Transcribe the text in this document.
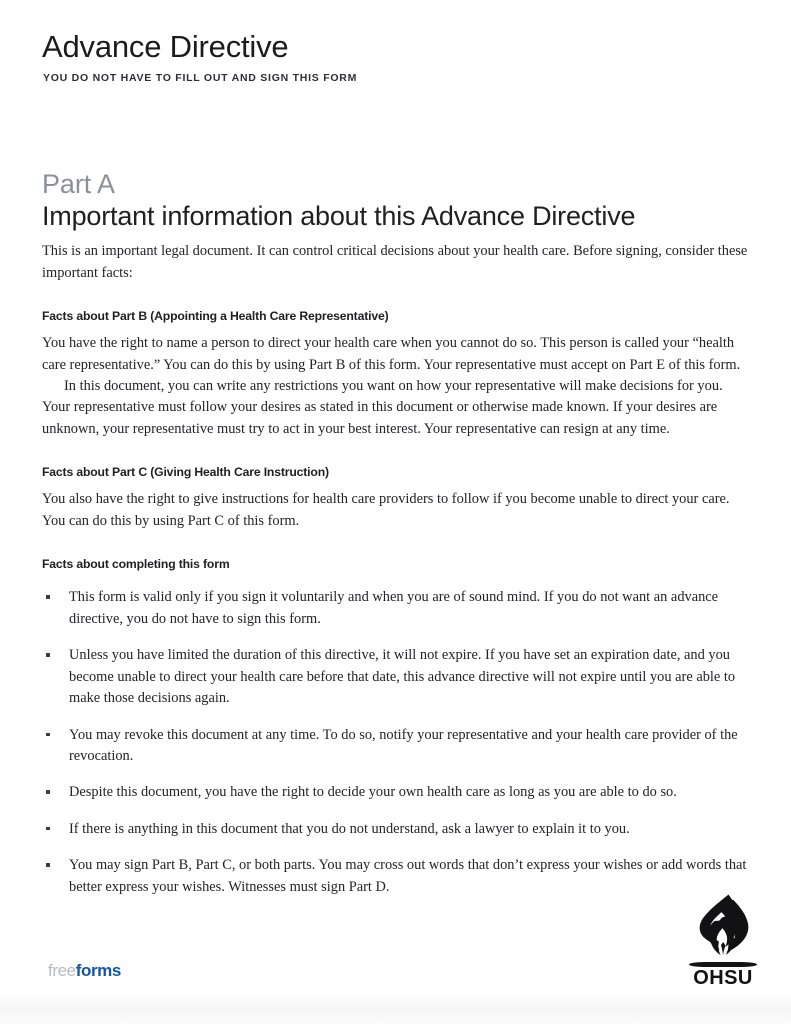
Advance Directive
YOU DO NOT HAVE TO FILL OUT AND SIGN THIS FORM
Part A
Important information about this Advance Directive

This is an important legal document. It can control critical decisions about your health care. Before signing, consider these important facts:

Facts about Part B (Appointing a Health Care Representative)

You have the right to name a person to direct your health care when you cannot do so. This person is called your “health care representative.” You can do this by using Part B of this form. Your representative must accept on Part E of this form.

In this document, you can write any restrictions you want on how your representative will make decisions for you. Your representative must follow your desires as stated in this document or otherwise made known. If your desires are unknown, your representative must try to act in your best interest. Your representative can resign at any time.

Facts about Part C (Giving Health Care Instruction)

You also have the right to give instructions for health care providers to follow if you become unable to direct your care. You can do this by using Part C of this form.

Facts about completing this form
This form is valid only if you sign it voluntarily and when you are of sound mind. If you do not want an advance directive, you do not have to sign this form.
Unless you have limited the duration of this directive, it will not expire. If you have set an expiration date, and you become unable to direct your health care before that date, this advance directive will not expire until you are able to make those decisions again.
You may revoke this document at any time. To do so, notify your representative and your health care provider of the revocation.
Despite this document, you have the right to decide your own health care as long as you are able to do so.
If there is anything in this document that you do not understand, ask a lawyer to explain it to you.
You may sign Part B, Part C, or both parts. You may cross out words that don’t express your wishes or add words that better express your wishes. Witnesses must sign Part D.
freeforms	OHSU
